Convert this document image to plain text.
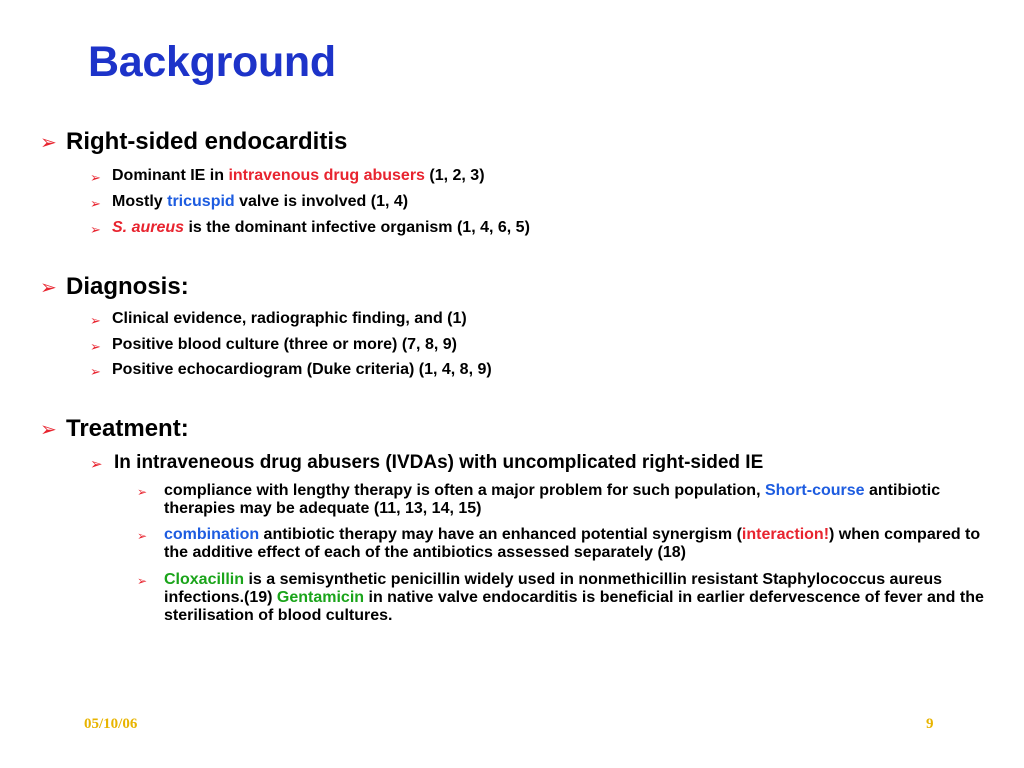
Background
➢ Right-sided endocarditis
➢ Dominant IE in intravenous drug abusers (1, 2, 3)
➢ Mostly tricuspid valve is involved (1, 4)
➢ S. aureus is the dominant infective organism (1, 4, 6, 5)
➢ Diagnosis:
➢ Clinical evidence, radiographic finding, and (1)
➢ Positive blood culture (three or more) (7, 8, 9)
➢ Positive echocardiogram (Duke criteria) (1, 4, 8, 9)
➢ Treatment:
➢ In intraveneous drug abusers (IVDAs) with uncomplicated right-sided IE
➢	compliance with lengthy therapy is often a major problem for such population, Short-course antibiotic therapies may be adequate (11, 13, 14, 15)
➢	combination antibiotic therapy may have an enhanced potential synergism (interaction!) when compared to the additive effect of each of the antibiotics assessed separately (18)
➢	Cloxacillin is a semisynthetic penicillin widely used in nonmethicillin resistant Staphylococcus aureus infections.(19) Gentamicin in native valve endocarditis is beneficial in earlier defervescence of fever and the sterilisation of blood cultures.
05/10/06	9
